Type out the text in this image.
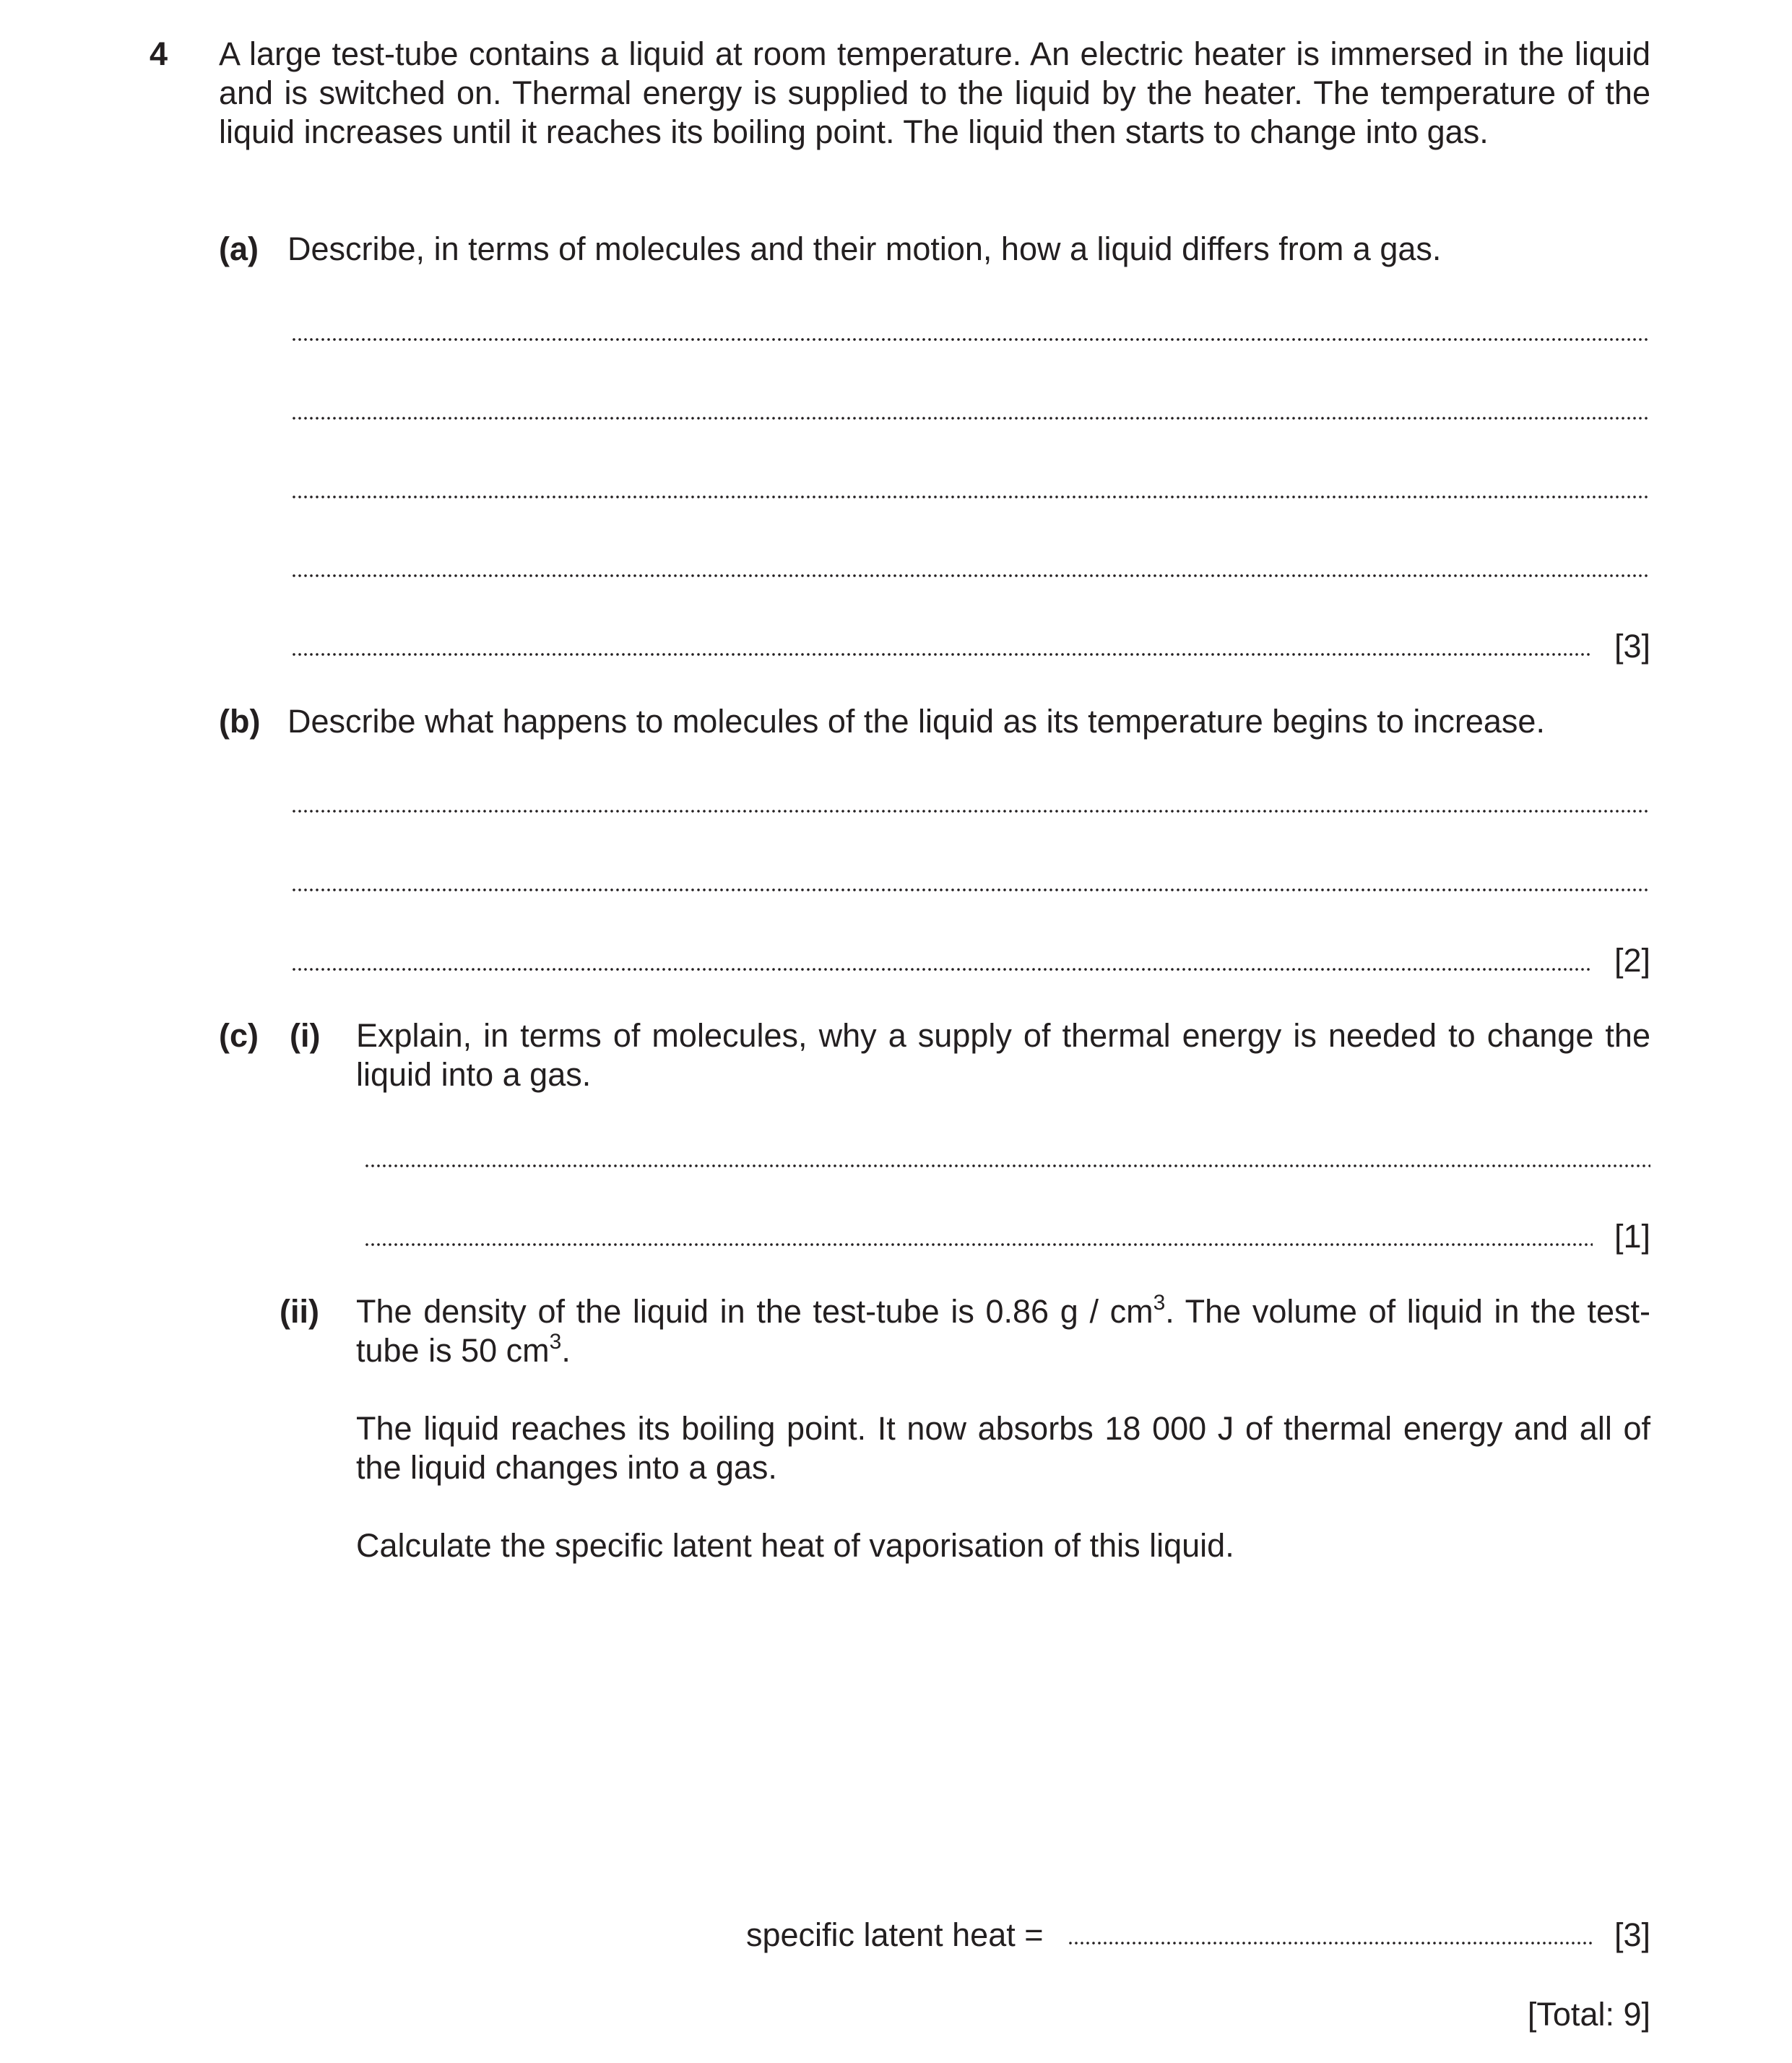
4 A large test-tube contains a liquid at room temperature. An electric heater is immersed in the liquid
and is switched on. Thermal energy is supplied to the liquid by the heater. The temperature of the
liquid increases until it reaches its boiling point. The liquid then starts to change into gas.
(a) Describe, in terms of molecules and their motion, how a liquid differs from a gas.
[3]
(b) Describe what happens to molecules of the liquid as its temperature begins to increase.
[2]
(c) (i) Explain, in terms of molecules, why a supply of thermal energy is needed to change the
liquid into a gas.
[1]
(ii) The density of the liquid in the test-tube is 0.86 g / $cm^3$. The volume of liquid in the test-
tube is 50 $cm^3$.
The liquid reaches its boiling point. It now absorbs 18 000 J of thermal energy and all of
the liquid changes into a gas.
Calculate the specific latent heat of vaporisation of this liquid.
specific latent heat =	[3]
[Total: 9]
